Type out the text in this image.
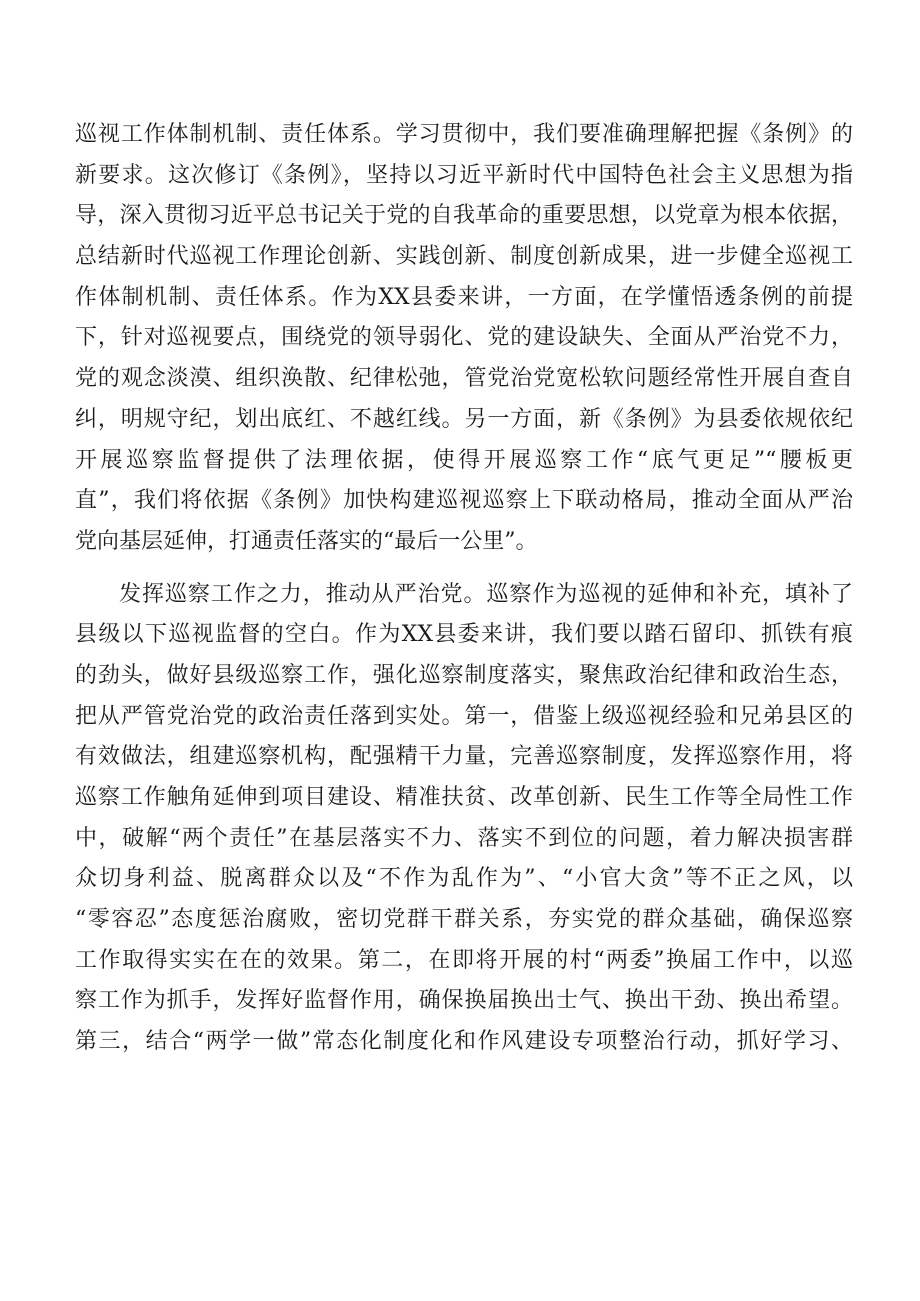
巡视工作体制机制、责任体系。学习贯彻中，我们要准确理解把握《条例》的
新要求。这次修订《条例》，坚持以习近平新时代中国特色社会主义思想为指
导，深入贯彻习近平总书记关于党的自我革命的重要思想，以党章为根本依据，
总结新时代巡视工作理论创新、实践创新、制度创新成果，进一步健全巡视工
作体制机制、责任体系。作为XX县委来讲，一方面，在学懂悟透条例的前提
下，针对巡视要点，围绕党的领导弱化、党的建设缺失、全面从严治党不力，
党的观念淡漠、组织涣散、纪律松弛，管党治党宽松软问题经常性开展自查自
纠，明规守纪，划出底红、不越红线。另一方面，新《条例》为县委依规依纪
开展巡察监督提供了法理依据，使得开展巡察工作“底气更足”“腰板更
直”，我们将依据《条例》加快构建巡视巡察上下联动格局，推动全面从严治
党向基层延伸，打通责任落实的“最后一公里”。
发挥巡察工作之力，推动从严治党。巡察作为巡视的延伸和补充，填补了
县级以下巡视监督的空白。作为XX县委来讲，我们要以踏石留印、抓铁有痕
的劲头，做好县级巡察工作，强化巡察制度落实，聚焦政治纪律和政治生态，
把从严管党治党的政治责任落到实处。第一，借鉴上级巡视经验和兄弟县区的
有效做法，组建巡察机构，配强精干力量，完善巡察制度，发挥巡察作用，将
巡察工作触角延伸到项目建设、精准扶贫、改革创新、民生工作等全局性工作
中，破解“两个责任”在基层落实不力、落实不到位的问题，着力解决损害群
众切身利益、脱离群众以及“不作为乱作为”、“小官大贪”等不正之风，以
“零容忍”态度惩治腐败，密切党群干群关系，夯实党的群众基础，确保巡察
工作取得实实在在的效果。第二，在即将开展的村“两委”换届工作中，以巡
察工作为抓手，发挥好监督作用，确保换届换出士气、换出干劲、换出希望。
第三，结合“两学一做”常态化制度化和作风建设专项整治行动，抓好学习、
